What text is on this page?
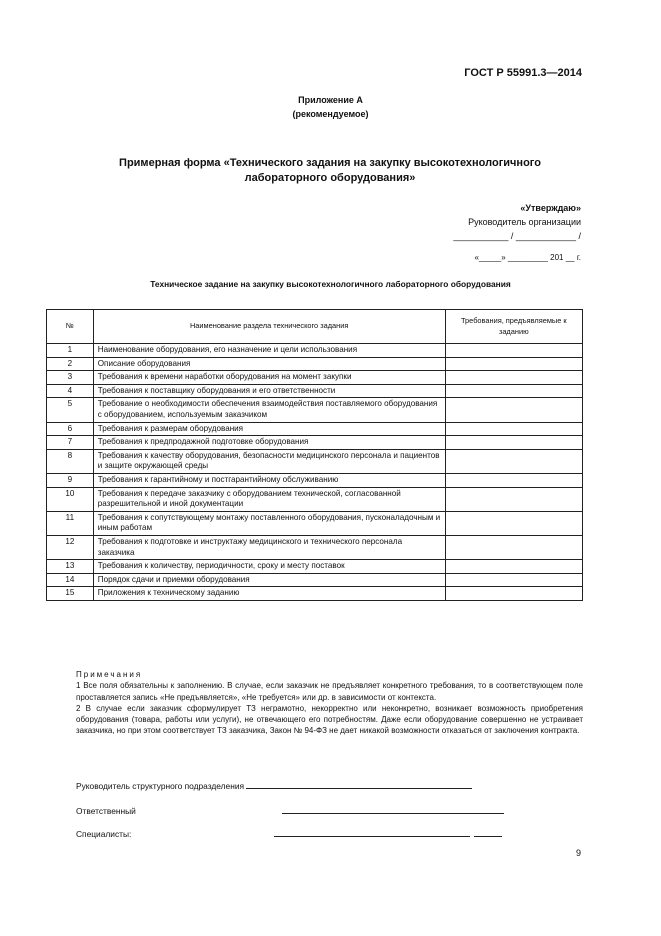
ГОСТ Р 55991.3—2014
Приложение А
(рекомендуемое)
Примерная форма «Технического задания на закупку высокотехнологичного
лабораторного оборудования»
«Утверждаю»
Руководитель организации
___________ / ____________ /
«_____» _________ 201 __ г.
Техническое задание на закупку высокотехнологичного лабораторного оборудования
№	Наименование раздела технического задания	Требования, предъявляемые к заданию
1	Наименование оборудования, его назначение и цели использования	
2	Описание оборудования	
3	Требования к времени наработки оборудования на момент закупки	
4	Требования к поставщику оборудования и его ответственности	
5	Требование о необходимости обеспечения взаимодействия поставляемого оборудования с оборудованием, используемым заказчиком	
6	Требования к размерам оборудования	
7	Требования к предпродажной подготовке оборудования	
8	Требования к качеству оборудования, безопасности медицинского персонала и пациентов и защите окружающей среды	
9	Требования к гарантийному и постгарантийному обслуживанию	
10	Требования к передаче заказчику с оборудованием технической, согласованной разрешительной и иной документации	
11	Требования к сопутствующему монтажу поставленного оборудования, пусконаладочным и иным работам	
12	Требования к подготовке и инструктажу медицинского и технического персонала заказчика	
13	Требования к количеству, периодичности, сроку и месту поставок	
14	Порядок сдачи и приемки оборудования	
15	Приложения к техническому заданию	
Примечания

1 Все поля обязательны к заполнению. В случае, если заказчик не предъявляет конкретного требования, то в соответствующем поле проставляется запись «Не предъявляется», «Не требуется» или др. в зависимости от контекста.

2 В случае если заказчик сформулирует ТЗ неграмотно, некорректно или неконкретно, возникает возможность приобретения оборудования (товара, работы или услуги), не отвечающего его потребностям. Даже если оборудование совершенно не устраивает заказчика, но при этом соответствует ТЗ заказчика, Закон № 94-ФЗ не дает никакой возможности отказаться от заключения контракта.

Руководитель структурного подразделения
Ответственный
Специалисты:
9
